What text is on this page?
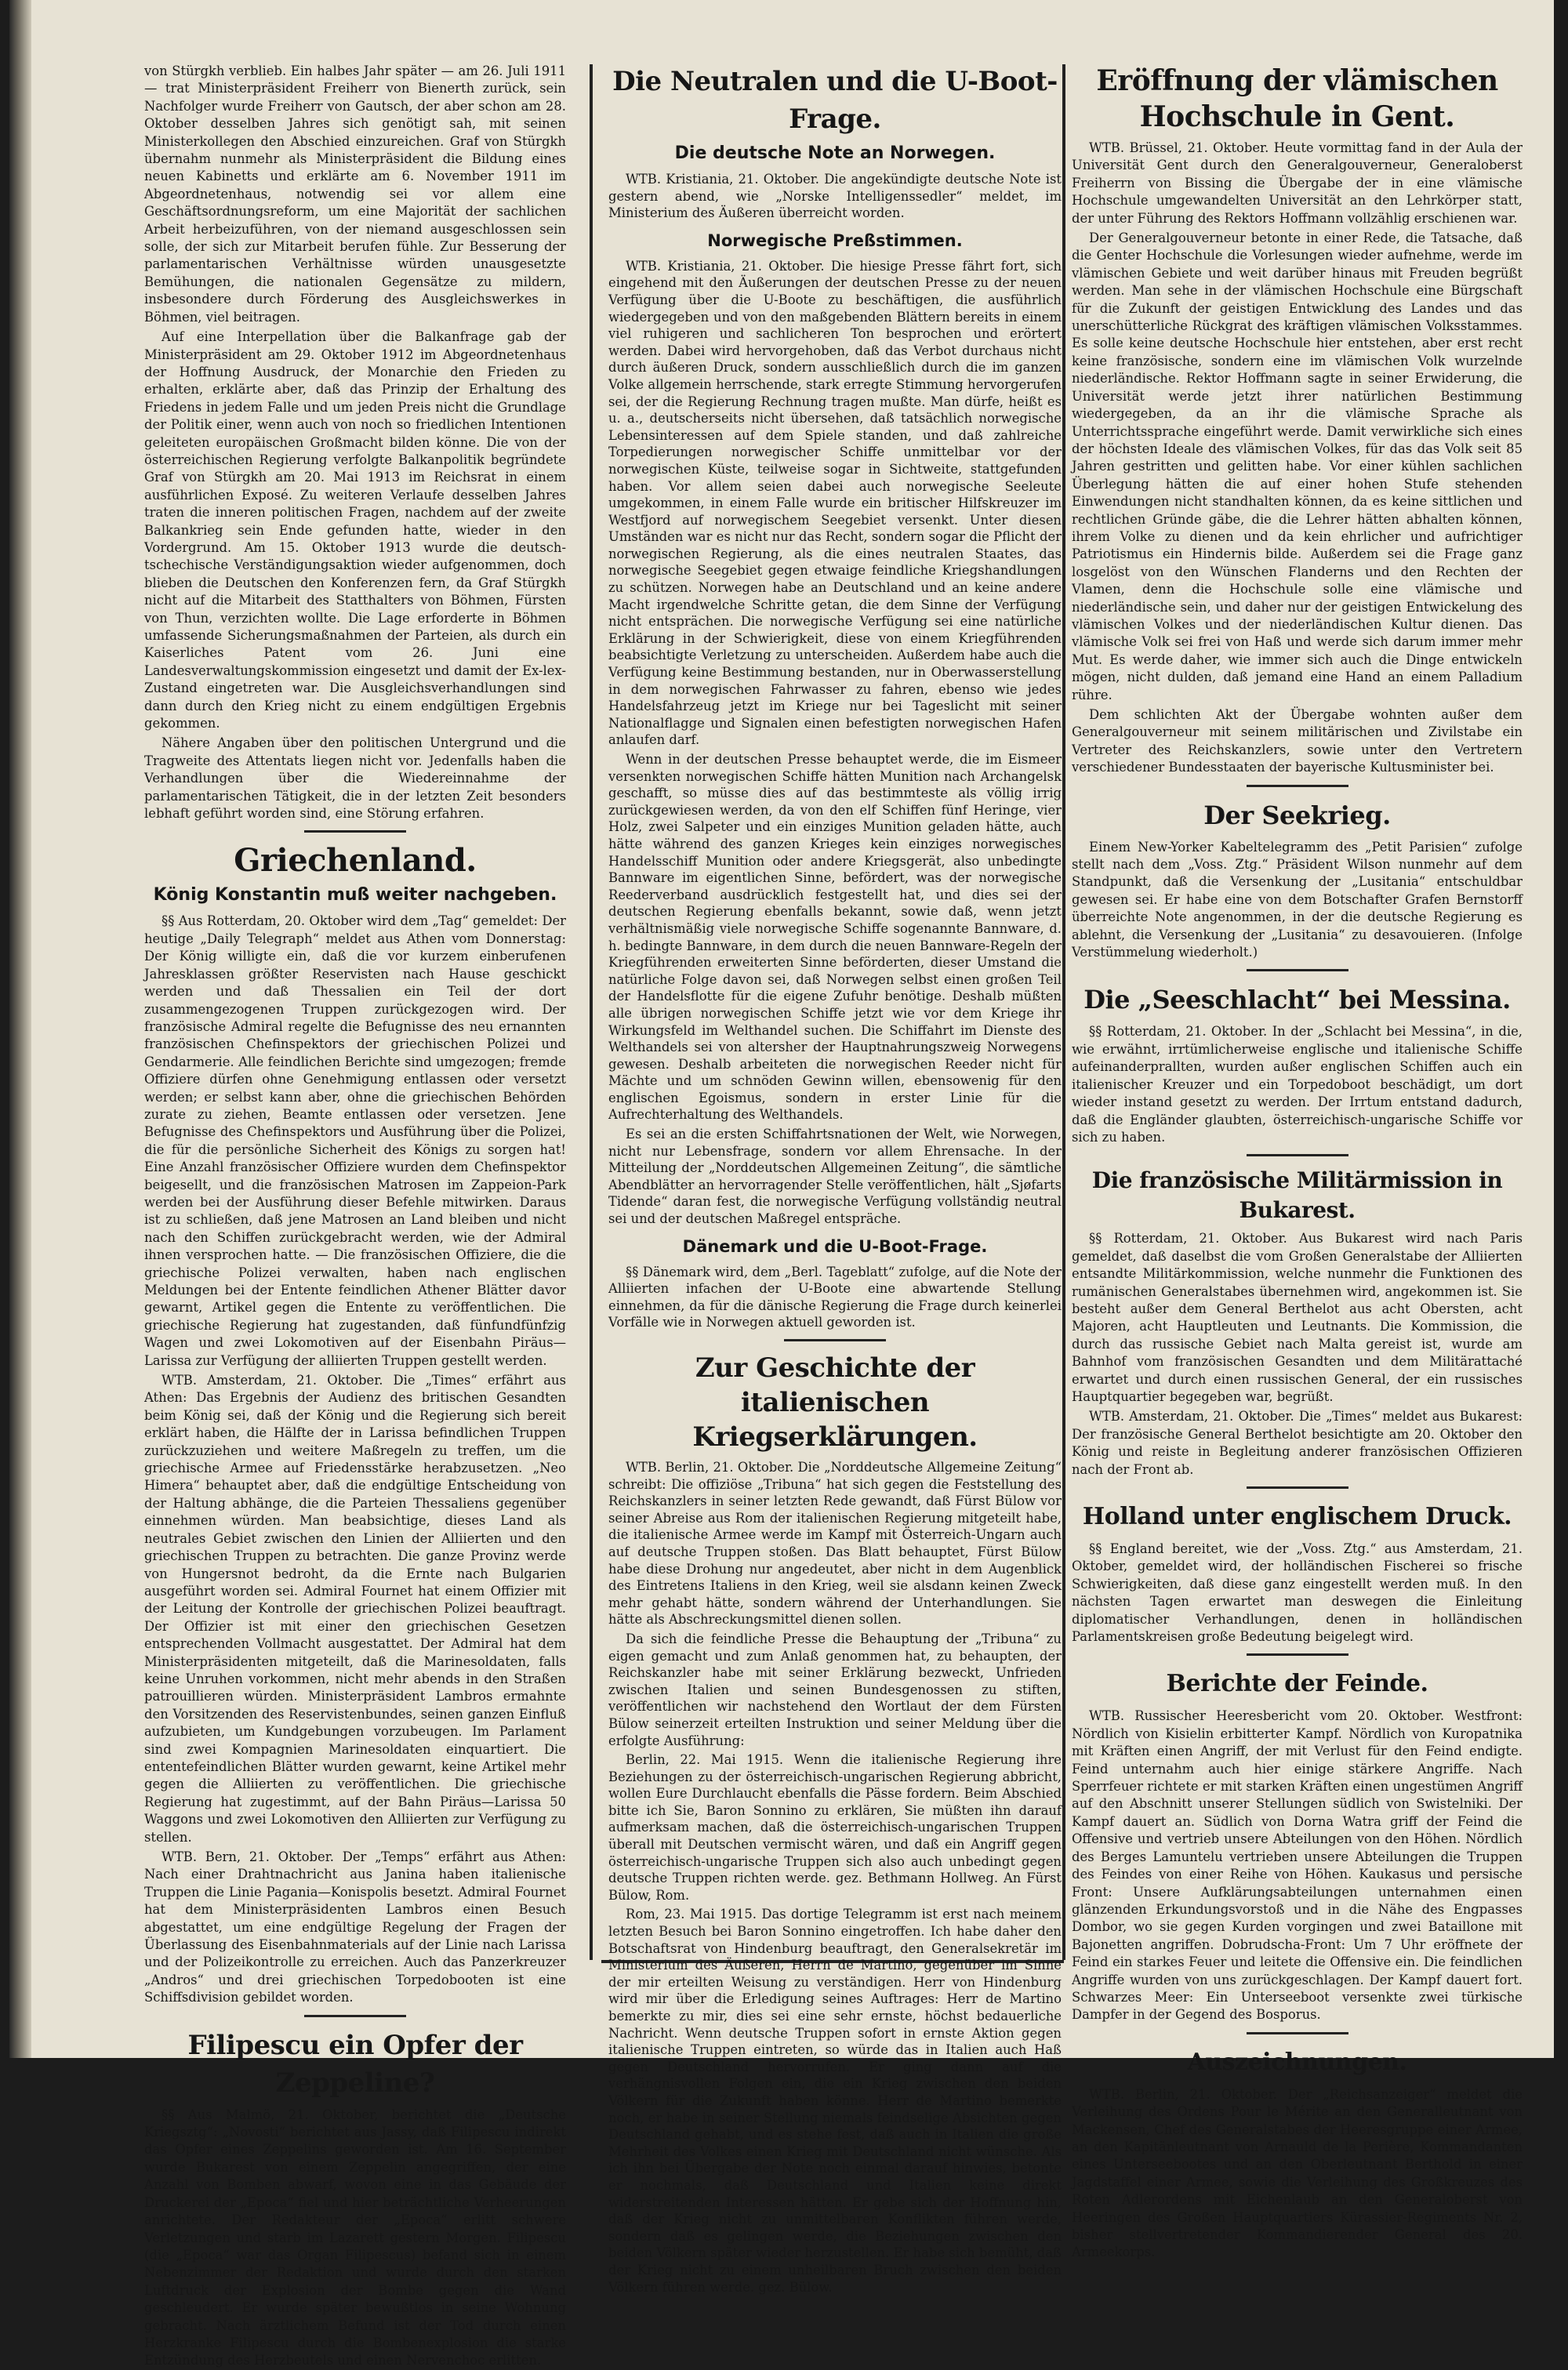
von Stürgkh verblieb. Ein halbes Jahr später — am 26. Juli 1911 — trat Ministerpräsident Freiherr von Bienerth zurück, sein Nachfolger wurde Freiherr von Gautsch, der aber schon am 28. Oktober desselben Jahres sich genötigt sah, mit seinen Ministerkollegen den Abschied einzureichen. Graf von Stürgkh übernahm nunmehr als Ministerpräsident die Bildung eines neuen Kabinetts und erklärte am 6. November 1911 im Abgeordnetenhaus, notwendig sei vor allem eine Geschäftsordnungsreform, um eine Majorität der sachlichen Arbeit herbeizuführen, von der niemand ausgeschlossen sein solle, der sich zur Mitarbeit berufen fühle. Zur Besserung der parlamentarischen Verhältnisse würden unausgesetzte Bemühungen, die nationalen Gegensätze zu mildern, insbesondere durch Förderung des Ausgleichswerkes in Böhmen, viel beitragen.

Auf eine Interpellation über die Balkanfrage gab der Ministerpräsident am 29. Oktober 1912 im Abgeordnetenhaus der Hoffnung Ausdruck, der Monarchie den Frieden zu erhalten, erklärte aber, daß das Prinzip der Erhaltung des Friedens in jedem Falle und um jeden Preis nicht die Grundlage der Politik einer, wenn auch von noch so friedlichen Intentionen geleiteten europäischen Großmacht bilden könne. Die von der österreichischen Regierung verfolgte Balkanpolitik begründete Graf von Stürgkh am 20. Mai 1913 im Reichsrat in einem ausführlichen Exposé. Zu weiteren Verlaufe desselben Jahres traten die inneren politischen Fragen, nachdem auf der zweite Balkankrieg sein Ende gefunden hatte, wieder in den Vordergrund. Am 15. Oktober 1913 wurde die deutsch-tschechische Verständigungsaktion wieder aufgenommen, doch blieben die Deutschen den Konferenzen fern, da Graf Stürgkh nicht auf die Mitarbeit des Statthalters von Böhmen, Fürsten von Thun, verzichten wollte. Die Lage erforderte in Böhmen umfassende Sicherungsmaßnahmen der Parteien, als durch ein Kaiserliches Patent vom 26. Juni eine Landesverwaltungskommission eingesetzt und damit der Ex-lex-Zustand eingetreten war. Die Ausgleichsverhandlungen sind dann durch den Krieg nicht zu einem endgültigen Ergebnis gekommen.

Nähere Angaben über den politischen Untergrund und die Tragweite des Attentats liegen nicht vor. Jedenfalls haben die Verhandlungen über die Wiedereinnahme der parlamentarischen Tätigkeit, die in der letzten Zeit besonders lebhaft geführt worden sind, eine Störung erfahren.

Griechenland.
König Konstantin muß weiter nachgeben.

§§ Aus Rotterdam, 20. Oktober wird dem „Tag“ gemeldet: Der heutige „Daily Telegraph“ meldet aus Athen vom Donnerstag: Der König willigte ein, daß die vor kurzem einberufenen Jahresklassen größter Reservisten nach Hause geschickt werden und daß Thessalien ein Teil der dort zusammengezogenen Truppen zurückgezogen wird. Der französische Admiral regelte die Befugnisse des neu ernannten französischen Chefinspektors der griechischen Polizei und Gendarmerie. Alle feindlichen Berichte sind umgezogen; fremde Offiziere dürfen ohne Genehmigung entlassen oder versetzt werden; er selbst kann aber, ohne die griechischen Behörden zurate zu ziehen, Beamte entlassen oder versetzen. Jene Befugnisse des Chefinspektors und Ausführung über die Polizei, die für die persönliche Sicherheit des Königs zu sorgen hat! Eine Anzahl französischer Offiziere wurden dem Chefinspektor beigesellt, und die französischen Matrosen im Zappeion-Park werden bei der Ausführung dieser Befehle mitwirken. Daraus ist zu schließen, daß jene Matrosen an Land bleiben und nicht nach den Schiffen zurückgebracht werden, wie der Admiral ihnen versprochen hatte. — Die französischen Offiziere, die die griechische Polizei verwalten, haben nach englischen Meldungen bei der Entente feindlichen Athener Blätter davor gewarnt, Artikel gegen die Entente zu veröffentlichen. Die griechische Regierung hat zugestanden, daß fünfundfünfzig Wagen und zwei Lokomotiven auf der Eisenbahn Piräus—Larissa zur Verfügung der alliierten Truppen gestellt werden.

WTB. Amsterdam, 21. Oktober. Die „Times“ erfährt aus Athen: Das Ergebnis der Audienz des britischen Gesandten beim König sei, daß der König und die Regierung sich bereit erklärt haben, die Hälfte der in Larissa befindlichen Truppen zurückzuziehen und weitere Maßregeln zu treffen, um die griechische Armee auf Friedensstärke herabzusetzen. „Neo Himera“ behauptet aber, daß die endgültige Entscheidung von der Haltung abhänge, die die Parteien Thessaliens gegenüber einnehmen würden. Man beabsichtige, dieses Land als neutrales Gebiet zwischen den Linien der Alliierten und den griechischen Truppen zu betrachten. Die ganze Provinz werde von Hungersnot bedroht, da die Ernte nach Bulgarien ausgeführt worden sei. Admiral Fournet hat einem Offizier mit der Leitung der Kontrolle der griechischen Polizei beauftragt. Der Offizier ist mit einer den griechischen Gesetzen entsprechenden Vollmacht ausgestattet. Der Admiral hat dem Ministerpräsidenten mitgeteilt, daß die Marinesoldaten, falls keine Unruhen vorkommen, nicht mehr abends in den Straßen patrouillieren würden. Ministerpräsident Lambros ermahnte den Vorsitzenden des Reservistenbundes, seinen ganzen Einfluß aufzubieten, um Kundgebungen vorzubeugen. Im Parlament sind zwei Kompagnien Marinesoldaten einquartiert. Die ententefeindlichen Blätter wurden gewarnt, keine Artikel mehr gegen die Alliierten zu veröffentlichen. Die griechische Regierung hat zugestimmt, auf der Bahn Piräus—Larissa 50 Waggons und zwei Lokomotiven den Alliierten zur Verfügung zu stellen.

WTB. Bern, 21. Oktober. Der „Temps“ erfährt aus Athen: Nach einer Drahtnachricht aus Janina haben italienische Truppen die Linie Pagania—Konispolis besetzt. Admiral Fournet hat dem Ministerpräsidenten Lambros einen Besuch abgestattet, um eine endgültige Regelung der Fragen der Überlassung des Eisenbahnmaterials auf der Linie nach Larissa und der Polizeikontrolle zu erreichen. Auch das Panzerkreuzer „Andros“ und drei griechischen Torpedobooten ist eine Schiffsdivision gebildet worden.

Filipescu ein Opfer der Zeppeline?

§§ Aus Malmö, 21. Oktober, berichtet die „Deutsche Kriegsztg“: „Novosti“ berichtet aus Jassy, daß Filipescu indirekt das Opfer eines Zeppelins geworden ist. Am 16. September wurde Bukarest von einem Zeppelin angegriffen, der eine Anzahl von Bomben abwarf, wovon eine in das Gebäude der Druckerei der „Epoca“ fiel und hier beträchtliche Verheerungen anrichtete. Der Redakteur der „Epoca“ erlitt schwere Verletzungen und starb im Lazarett gestern Morgen. Filipescu (die „Epoca“ war das Organ Filipescus) befand sich in einem Nebenzimmer der Redaktion und wurde durch den starken Luftdruck der Explosion der Bombe gegen die Wand geschleudert. Er wurde später bewußtlos in seine Wohnung gebracht. Nach ärztlichem Befund ist der Tod durch einen Herzkranke Filipescu durch die Bombenexplosion die starke Entzündung des Herzbeutels und einen Nervenchoc erlitten.

Die Neutralen und die U-Boot-Frage.
Die deutsche Note an Norwegen.

WTB. Kristiania, 21. Oktober. Die angekündigte deutsche Note ist gestern abend, wie „Norske Intelligenssedler“ meldet, im Ministerium des Äußeren überreicht worden.

Norwegische Preßstimmen.

WTB. Kristiania, 21. Oktober. Die hiesige Presse fährt fort, sich eingehend mit den Äußerungen der deutschen Presse zu der neuen Verfügung über die U-Boote zu beschäftigen, die ausführlich wiedergegeben und von den maßgebenden Blättern bereits in einem viel ruhigeren und sachlicheren Ton besprochen und erörtert werden. Dabei wird hervorgehoben, daß das Verbot durchaus nicht durch äußeren Druck, sondern ausschließlich durch die im ganzen Volke allgemein herrschende, stark erregte Stimmung hervorgerufen sei, der die Regierung Rechnung tragen mußte. Man dürfe, heißt es u. a., deutscherseits nicht übersehen, daß tatsächlich norwegische Lebensinteressen auf dem Spiele standen, und daß zahlreiche Torpedierungen norwegischer Schiffe unmittelbar vor der norwegischen Küste, teilweise sogar in Sichtweite, stattgefunden haben. Vor allem seien dabei auch norwegische Seeleute umgekommen, in einem Falle wurde ein britischer Hilfskreuzer im Westfjord auf norwegischem Seegebiet versenkt. Unter diesen Umständen war es nicht nur das Recht, sondern sogar die Pflicht der norwegischen Regierung, als die eines neutralen Staates, das norwegische Seegebiet gegen etwaige feindliche Kriegshandlungen zu schützen. Norwegen habe an Deutschland und an keine andere Macht irgendwelche Schritte getan, die dem Sinne der Verfügung nicht entsprächen. Die norwegische Verfügung sei eine natürliche Erklärung in der Schwierigkeit, diese von einem Kriegführenden beabsichtigte Verletzung zu unterscheiden. Außerdem habe auch die Verfügung keine Bestimmung bestanden, nur in Oberwasserstellung in dem norwegischen Fahrwasser zu fahren, ebenso wie jedes Handelsfahrzeug jetzt im Kriege nur bei Tageslicht mit seiner Nationalflagge und Signalen einen befestigten norwegischen Hafen anlaufen darf.

Wenn in der deutschen Presse behauptet werde, die im Eismeer versenkten norwegischen Schiffe hätten Munition nach Archangelsk geschafft, so müsse dies auf das bestimmteste als völlig irrig zurückgewiesen werden, da von den elf Schiffen fünf Heringe, vier Holz, zwei Salpeter und ein einziges Munition geladen hätte, auch hätte während des ganzen Krieges kein einziges norwegisches Handelsschiff Munition oder andere Kriegsgerät, also unbedingte Bannware im eigentlichen Sinne, befördert, was der norwegische Reederverband ausdrücklich festgestellt hat, und dies sei der deutschen Regierung ebenfalls bekannt, sowie daß, wenn jetzt verhältnismäßig viele norwegische Schiffe sogenannte Bannware, d. h. bedingte Bannware, in dem durch die neuen Bannware-Regeln der Kriegführenden erweiterten Sinne beförderten, dieser Umstand die natürliche Folge davon sei, daß Norwegen selbst einen großen Teil der Handelsflotte für die eigene Zufuhr benötige. Deshalb müßten alle übrigen norwegischen Schiffe jetzt wie vor dem Kriege ihr Wirkungsfeld im Welthandel suchen. Die Schiffahrt im Dienste des Welthandels sei von altersher der Hauptnahrungszweig Norwegens gewesen. Deshalb arbeiteten die norwegischen Reeder nicht für Mächte und um schnöden Gewinn willen, ebensowenig für den englischen Egoismus, sondern in erster Linie für die Aufrechterhaltung des Welthandels.

Es sei an die ersten Schiffahrtsnationen der Welt, wie Norwegen, nicht nur Lebensfrage, sondern vor allem Ehrensache. In der Mitteilung der „Norddeutschen Allgemeinen Zeitung“, die sämtliche Abendblätter an hervorragender Stelle veröffentlichen, hält „Sjøfarts Tidende“ daran fest, die norwegische Verfügung vollständig neutral sei und der deutschen Maßregel entspräche.

Dänemark und die U-Boot-Frage.

§§ Dänemark wird, dem „Berl. Tageblatt“ zufolge, auf die Note der Alliierten infachen der U-Boote eine abwartende Stellung einnehmen, da für die dänische Regierung die Frage durch keinerlei Vorfälle wie in Norwegen aktuell geworden ist.

Zur Geschichte der italienischen Kriegserklärungen.

WTB. Berlin, 21. Oktober. Die „Norddeutsche Allgemeine Zeitung“ schreibt: Die offiziöse „Tribuna“ hat sich gegen die Feststellung des Reichskanzlers in seiner letzten Rede gewandt, daß Fürst Bülow vor seiner Abreise aus Rom der italienischen Regierung mitgeteilt habe, die italienische Armee werde im Kampf mit Österreich-Ungarn auch auf deutsche Truppen stoßen. Das Blatt behauptet, Fürst Bülow habe diese Drohung nur angedeutet, aber nicht in dem Augenblick des Eintretens Italiens in den Krieg, weil sie alsdann keinen Zweck mehr gehabt hätte, sondern während der Unterhandlungen. Sie hätte als Abschreckungsmittel dienen sollen.

Da sich die feindliche Presse die Behauptung der „Tribuna“ zu eigen gemacht und zum Anlaß genommen hat, zu behaupten, der Reichskanzler habe mit seiner Erklärung bezweckt, Unfrieden zwischen Italien und seinen Bundesgenossen zu stiften, veröffentlichen wir nachstehend den Wortlaut der dem Fürsten Bülow seinerzeit erteilten Instruktion und seiner Meldung über die erfolgte Ausführung:

Berlin, 22. Mai 1915. Wenn die italienische Regierung ihre Beziehungen zu der österreichisch-ungarischen Regierung abbricht, wollen Eure Durchlaucht ebenfalls die Pässe fordern. Beim Abschied bitte ich Sie, Baron Sonnino zu erklären, Sie müßten ihn darauf aufmerksam machen, daß die österreichisch-ungarischen Truppen überall mit Deutschen vermischt wären, und daß ein Angriff gegen österreichisch-ungarische Truppen sich also auch unbedingt gegen deutsche Truppen richten werde. gez. Bethmann Hollweg. An Fürst Bülow, Rom.

Rom, 23. Mai 1915. Das dortige Telegramm ist erst nach meinem letzten Besuch bei Baron Sonnino eingetroffen. Ich habe daher den Botschaftsrat von Hindenburg beauftragt, den Generalsekretär im Ministerium des Äußeren, Herrn de Martino, gegenüber im Sinne der mir erteilten Weisung zu verständigen. Herr von Hindenburg wird mir über die Erledigung seines Auftrages: Herr de Martino bemerkte zu mir, dies sei eine sehr ernste, höchst bedauerliche Nachricht. Wenn deutsche Truppen sofort in ernste Aktion gegen italienische Truppen eintreten, so würde das in Italien auch Haß gegen Deutschland hervorrufen. Er ging dann auf die verhängnisvollen Folgen ein, die ein Krieg zwischen den beiden Völkern für die Zukunft haben könne. Herr de Martino bemerkte noch, er habe in seiner Stellung niemals feindselige Absichten gegen Deutschland gehabt, und es stehe fest, daß auch in Italien die große Mehrheit des Volkes einen Krieg mit Deutschland nicht wünsche. Als ich ihn bei Übergabe der Note noch einmal darauf hinwies, betonte er nochmals, daß Deutschland und Italien keine direkt widerstreitenden Interessen hätten. Er gebe sich der Hoffnung hin, daß der Krieg nicht zu unmittelbaren Konflikten führen werde, sondern daß es gelingen werde, die Beziehungen zwischen den beiden Völkern später wieder herzustellen. Er habe sich bemüht, daß der Krieg nicht zu einem unheilbaren Bruch zwischen den beiden Völkern führen werde. gez. Bülow.

Eröffnung der vlämischen Hochschule in Gent.

WTB. Brüssel, 21. Oktober. Heute vormittag fand in der Aula der Universität Gent durch den Generalgouverneur, Generaloberst Freiherrn von Bissing die Übergabe der in eine vlämische Hochschule umgewandelten Universität an den Lehrkörper statt, der unter Führung des Rektors Hoffmann vollzählig erschienen war.

Der Generalgouverneur betonte in einer Rede, die Tatsache, daß die Genter Hochschule die Vorlesungen wieder aufnehme, werde im vlämischen Gebiete und weit darüber hinaus mit Freuden begrüßt werden. Man sehe in der vlämischen Hochschule eine Bürgschaft für die Zukunft der geistigen Entwicklung des Landes und das unerschütterliche Rückgrat des kräftigen vlämischen Volksstammes. Es solle keine deutsche Hochschule hier entstehen, aber erst recht keine französische, sondern eine im vlämischen Volk wurzelnde niederländische. Rektor Hoffmann sagte in seiner Erwiderung, die Universität werde jetzt ihrer natürlichen Bestimmung wiedergegeben, da an ihr die vlämische Sprache als Unterrichtssprache eingeführt werde. Damit verwirkliche sich eines der höchsten Ideale des vlämischen Volkes, für das das Volk seit 85 Jahren gestritten und gelitten habe. Vor einer kühlen sachlichen Überlegung hätten die auf einer hohen Stufe stehenden Einwendungen nicht standhalten können, da es keine sittlichen und rechtlichen Gründe gäbe, die die Lehrer hätten abhalten können, ihrem Volke zu dienen und da kein ehrlicher und aufrichtiger Patriotismus ein Hindernis bilde. Außerdem sei die Frage ganz losgelöst von den Wünschen Flanderns und den Rechten der Vlamen, denn die Hochschule solle eine vlämische und niederländische sein, und daher nur der geistigen Entwickelung des vlämischen Volkes und der niederländischen Kultur dienen. Das vlämische Volk sei frei von Haß und werde sich darum immer mehr Mut. Es werde daher, wie immer sich auch die Dinge entwickeln mögen, nicht dulden, daß jemand eine Hand an einem Palladium rühre.

Dem schlichten Akt der Übergabe wohnten außer dem Generalgouverneur mit seinem militärischen und Zivilstabe ein Vertreter des Reichskanzlers, sowie unter den Vertretern verschiedener Bundesstaaten der bayerische Kultusminister bei.

Der Seekrieg.

Einem New-Yorker Kabeltelegramm des „Petit Parisien“ zufolge stellt nach dem „Voss. Ztg.“ Präsident Wilson nunmehr auf dem Standpunkt, daß die Versenkung der „Lusitania“ entschuldbar gewesen sei. Er habe eine von dem Botschafter Grafen Bernstorff überreichte Note angenommen, in der die deutsche Regierung es ablehnt, die Versenkung der „Lusitania“ zu desavouieren. (Infolge Verstümmelung wiederholt.)

Die „Seeschlacht“ bei Messina.

§§ Rotterdam, 21. Oktober. In der „Schlacht bei Messina“, in die, wie erwähnt, irrtümlicherweise englische und italienische Schiffe aufeinanderprallten, wurden außer englischen Schiffen auch ein italienischer Kreuzer und ein Torpedoboot beschädigt, um dort wieder instand gesetzt zu werden. Der Irrtum entstand dadurch, daß die Engländer glaubten, österreichisch-ungarische Schiffe vor sich zu haben.

Die französische Militärmission in Bukarest.

§§ Rotterdam, 21. Oktober. Aus Bukarest wird nach Paris gemeldet, daß daselbst die vom Großen Generalstabe der Alliierten entsandte Militärkommission, welche nunmehr die Funktionen des rumänischen Generalstabes übernehmen wird, angekommen ist. Sie besteht außer dem General Berthelot aus acht Obersten, acht Majoren, acht Hauptleuten und Leutnants. Die Kommission, die durch das russische Gebiet nach Malta gereist ist, wurde am Bahnhof vom französischen Gesandten und dem Militärattaché erwartet und durch einen russischen General, der ein russisches Hauptquartier begegeben war, begrüßt.

WTB. Amsterdam, 21. Oktober. Die „Times“ meldet aus Bukarest: Der französische General Berthelot besichtigte am 20. Oktober den König und reiste in Begleitung anderer französischen Offizieren nach der Front ab.

Holland unter englischem Druck.

§§ England bereitet, wie der „Voss. Ztg.“ aus Amsterdam, 21. Oktober, gemeldet wird, der holländischen Fischerei so frische Schwierigkeiten, daß diese ganz eingestellt werden muß. In den nächsten Tagen erwartet man deswegen die Einleitung diplomatischer Verhandlungen, denen in holländischen Parlamentskreisen große Bedeutung beigelegt wird.

Berichte der Feinde.

WTB. Russischer Heeresbericht vom 20. Oktober. Westfront: Nördlich von Kisielin erbitterter Kampf. Nördlich von Kuropatnika mit Kräften einen Angriff, der mit Verlust für den Feind endigte. Feind unternahm auch hier einige stärkere Angriffe. Nach Sperrfeuer richtete er mit starken Kräften einen ungestümen Angriff auf den Abschnitt unserer Stellungen südlich von Swistelniki. Der Kampf dauert an. Südlich von Dorna Watra griff der Feind die Offensive und vertrieb unsere Abteilungen von den Höhen. Nördlich des Berges Lamuntelu vertrieben unsere Abteilungen die Truppen des Feindes von einer Reihe von Höhen. Kaukasus und persische Front: Unsere Aufklärungsabteilungen unternahmen einen glänzenden Erkundungsvorstoß und in die Nähe des Engpasses Dombor, wo sie gegen Kurden vorgingen und zwei Bataillone mit Bajonetten angriffen. Dobrudscha-Front: Um 7 Uhr eröffnete der Feind ein starkes Feuer und leitete die Offensive ein. Die feindlichen Angriffe wurden von uns zurückgeschlagen. Der Kampf dauert fort. Schwarzes Meer: Ein Unterseeboot versenkte zwei türkische Dampfer in der Gegend des Bosporus.

Auszeichnungen.

WTB. Berlin, 21. Oktober. Der „Reichsanzeiger“ meldet die Verleihung des Ordens Pour le Mérite an den Generalleutnant von Mackensen, Chef des Generalstabes der Heeresgruppe einer Armee, an den Kapitänleutnant von Arnauld de la Perière, Kommandanten eines Unterseebootes und an den Oberleutnant Berthold in einer Jagdstaffel einer Armee, sowie die Verleihung des Großkreuzes des Roten Adlerordens mit Eichenlaub an den Generaloberst von Heeringen des Großen Hauptquartiers Kürassier-Regiments Nr. 2, bisher stellvertretender Kommandierender General des 20. Armeekorps.
